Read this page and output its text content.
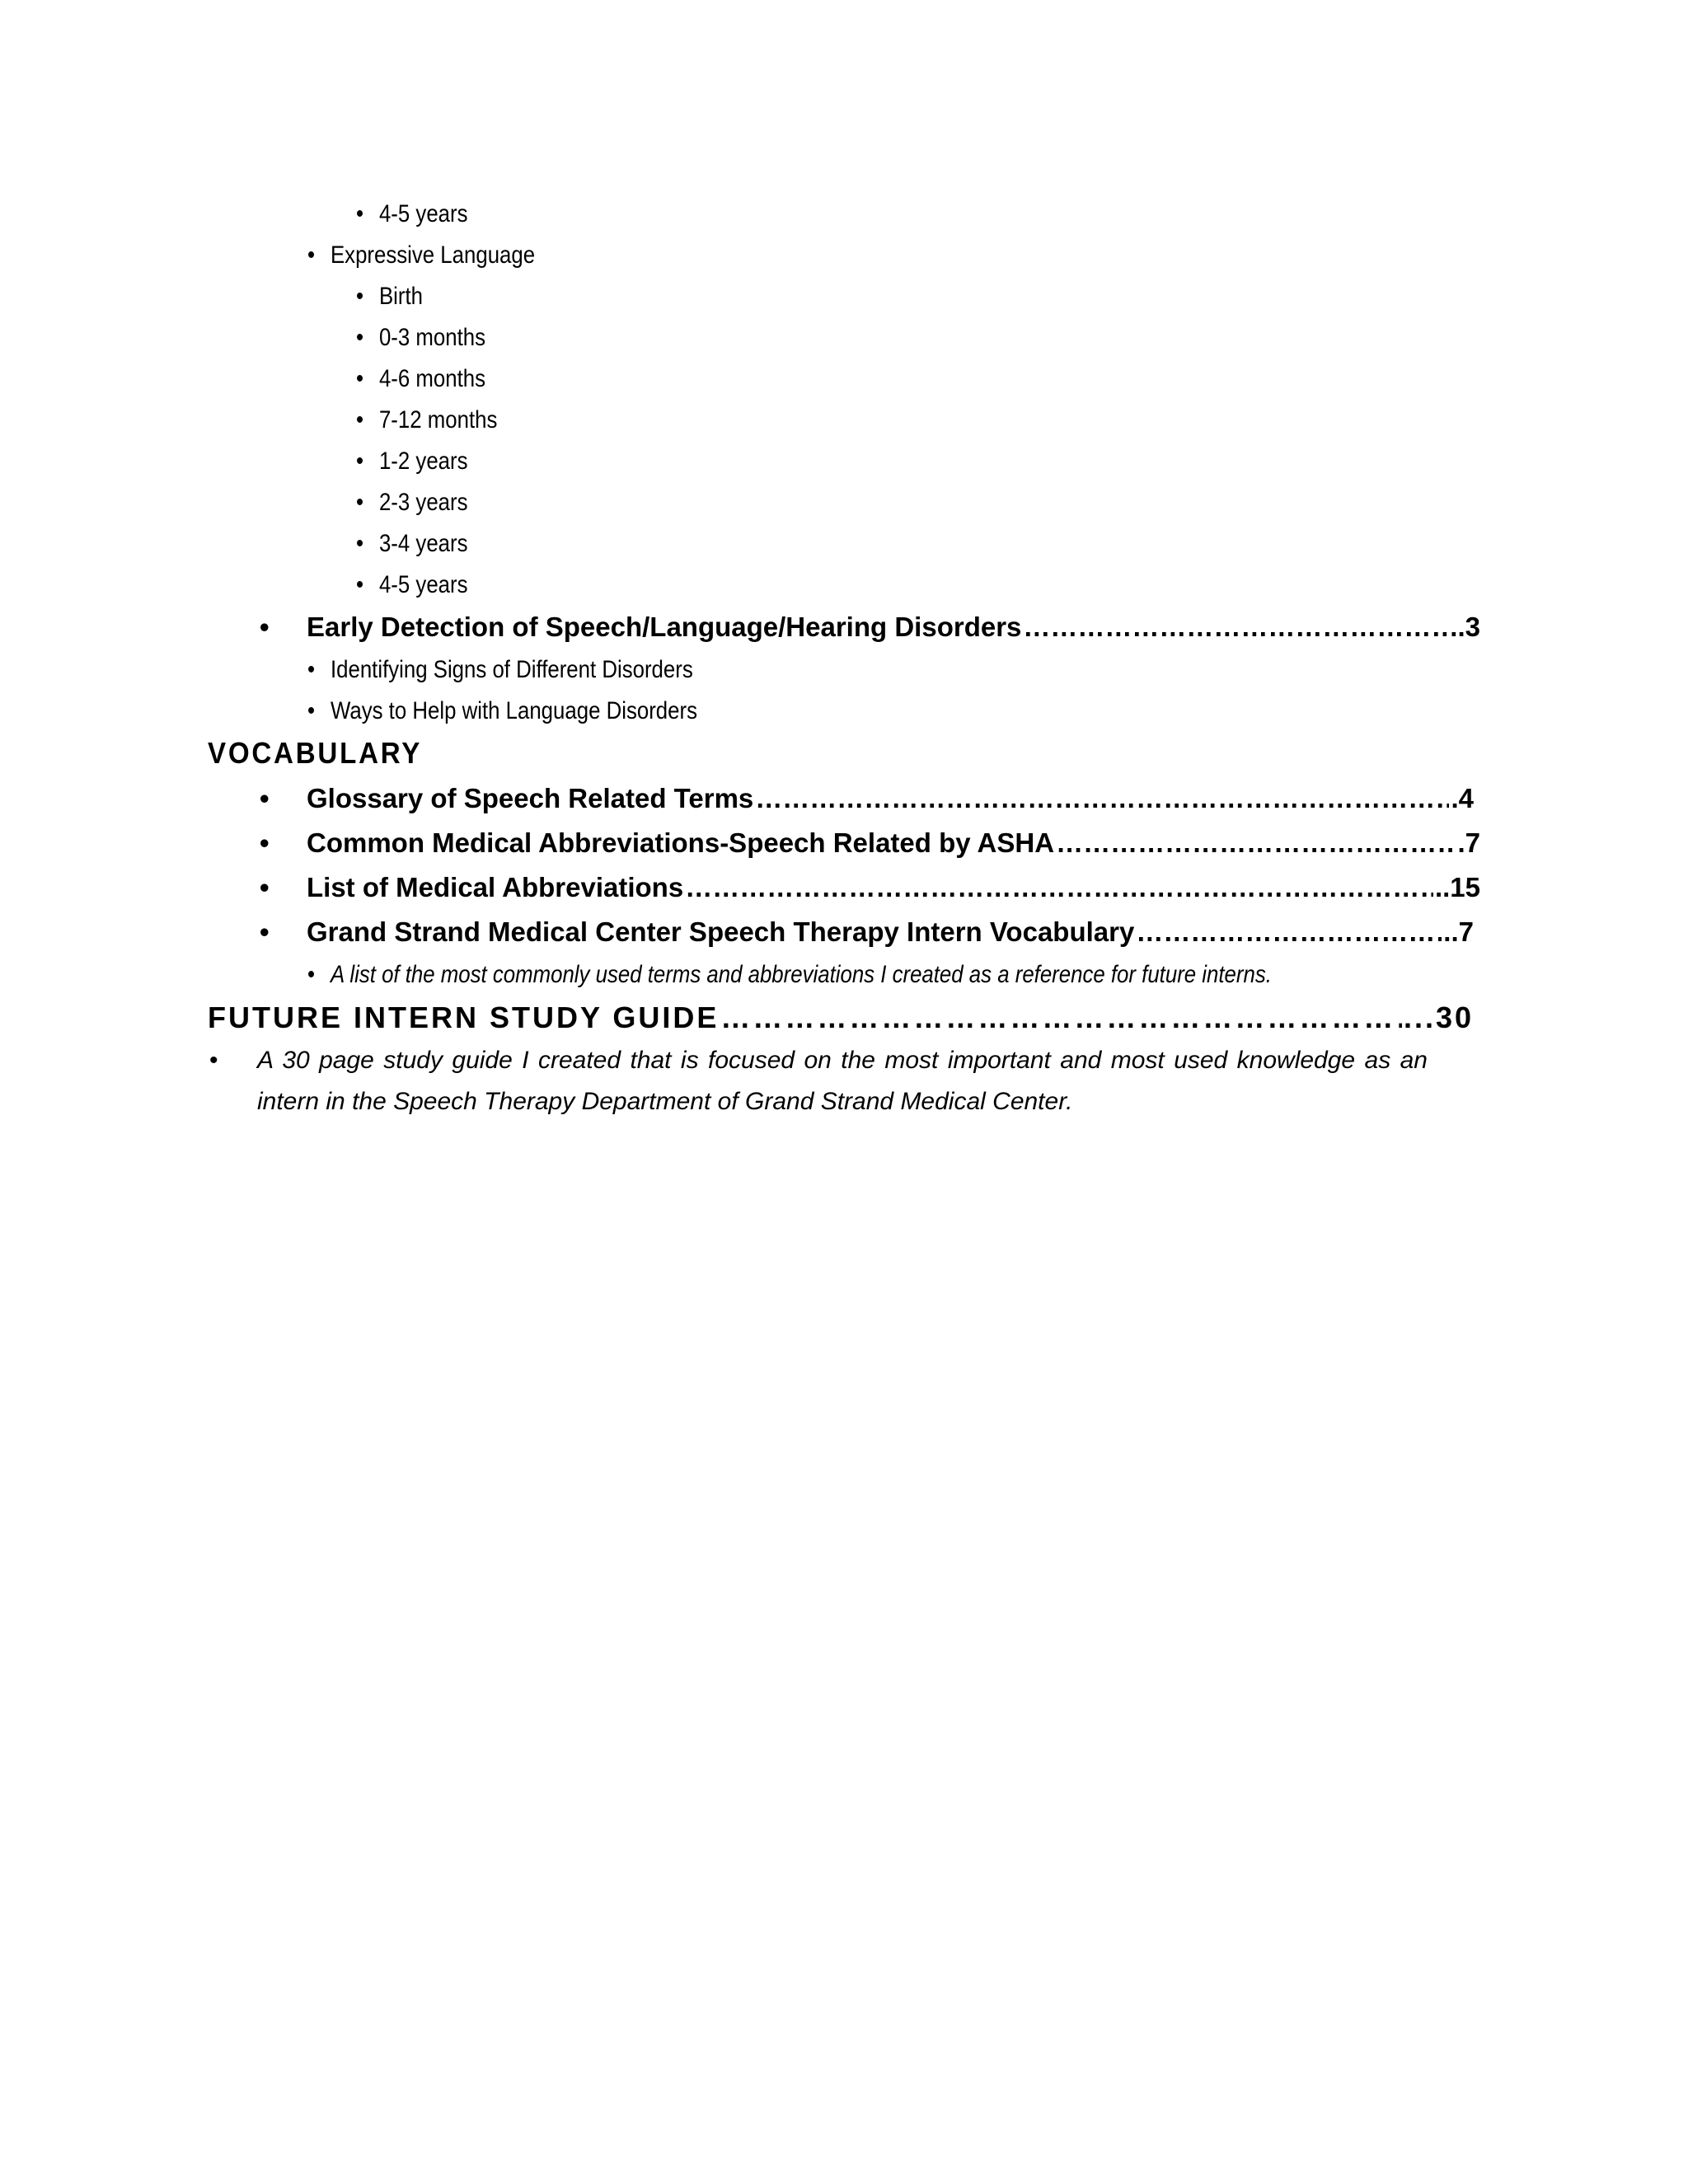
• 4-5 years
• Expressive Language
• Birth
• 0-3 months
• 4-6 months
• 7-12 months
• 1-2 years
• 2-3 years
• 3-4 years
• 4-5 years
• Early Detection of Speech/Language/Hearing Disorders ………………………………………………………………………………………………………………………………………………………………………………………………	..3
• Identifying Signs of Different Disorders
• Ways to Help with Language Disorders
VOCABULARY
• Glossary of Speech Related Terms ………………………………………………………………………………………………………………………………………………………………………………………………	.4
• Common Medical Abbreviations-Speech Related by ASHA ………………………………………………………………………………………………………………………………………………………………………………………………	.7
• List of Medical Abbreviations ………………………………………………………………………………………………………………………………………………………………………………………………	..15
• Grand Strand Medical Center Speech Therapy Intern Vocabulary ………………………………………………………………………………………………………………………………………………………………………………………………	..7
• A list of the most commonly used terms and abbreviations I created as a reference for future interns.
FUTURE INTERN STUDY GUIDE ………………………………………………………………………………………………………………………………………………………………………………………………	...30
• A 30 page study guide I created that is focused on the most important and most used knowledge as an intern in the Speech Therapy Department of Grand Strand Medical Center.
